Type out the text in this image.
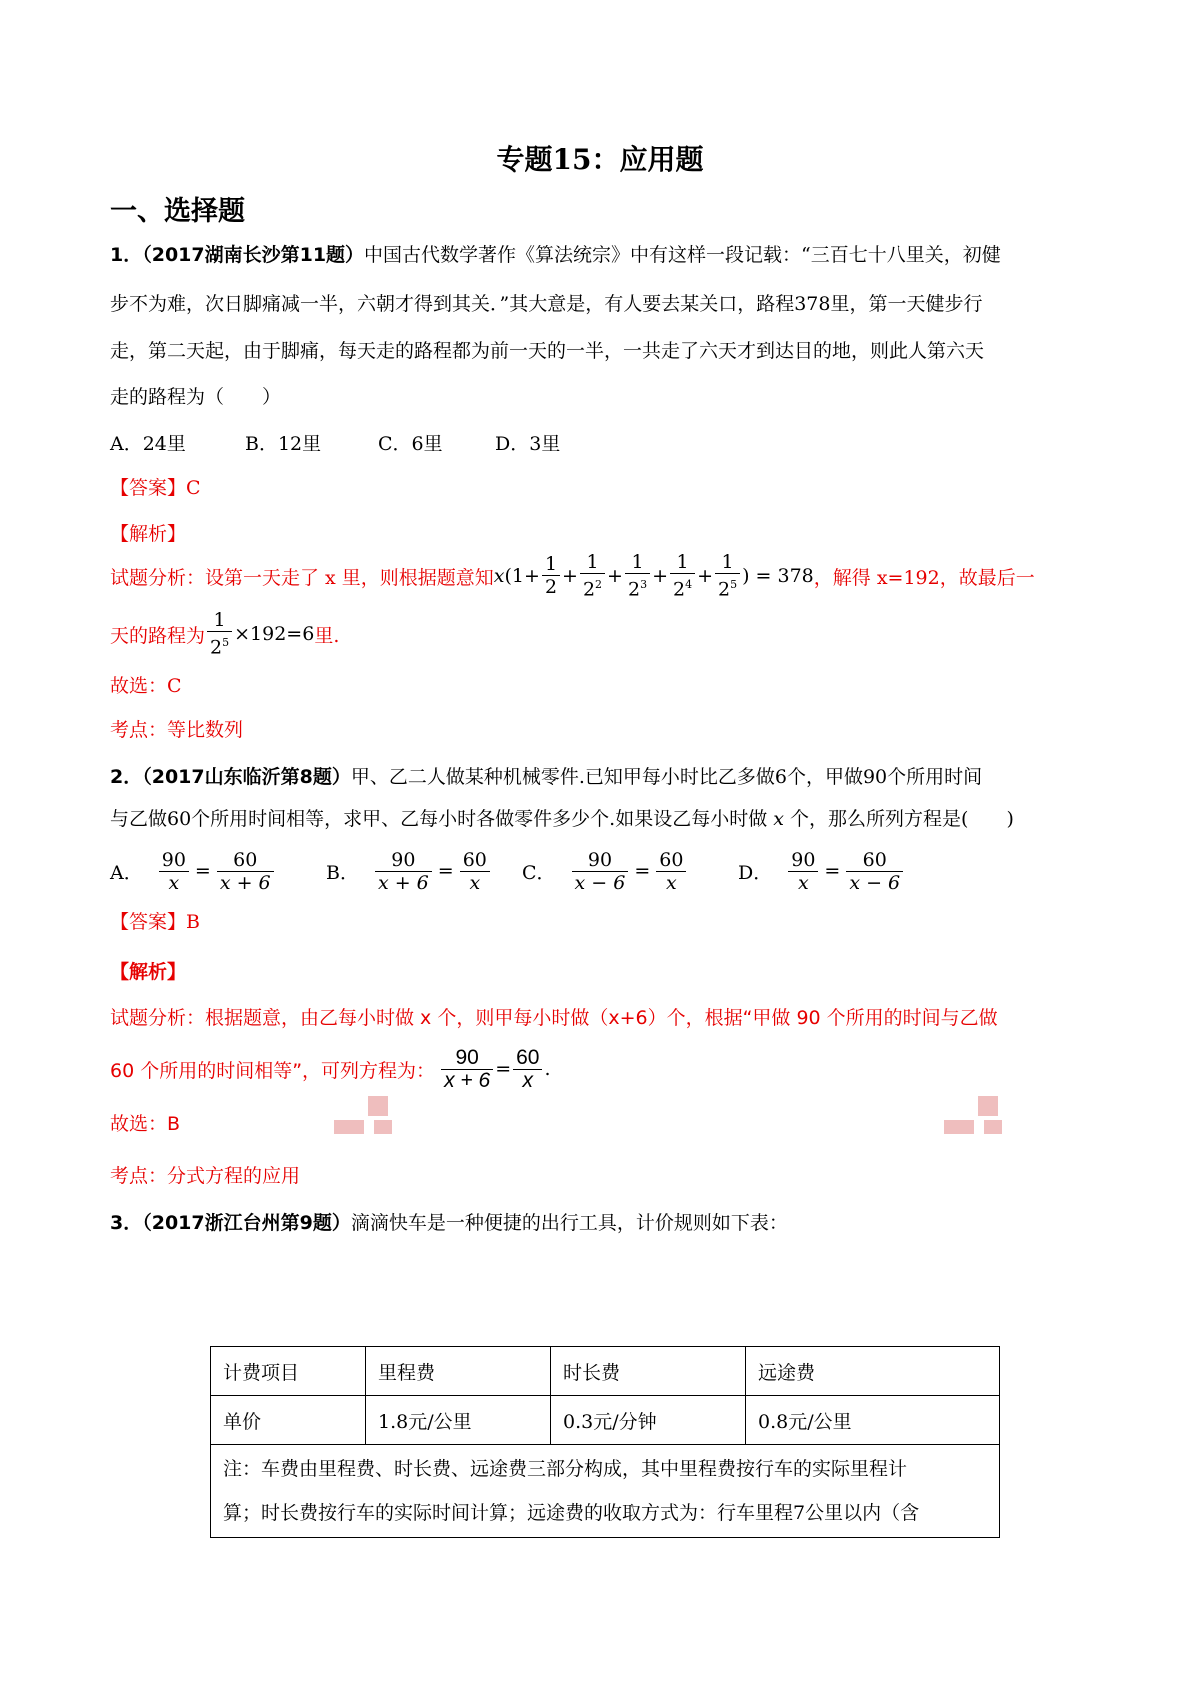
专题15：应用题
一、选择题
1．（2017湖南长沙第11题）中国古代数学著作《算法统宗》中有这样一段记载：“三百七十八里关，初健
步不为难，次日脚痛减一半，六朝才得到其关．”其大意是，有人要去某关口，路程378里，第一天健步行
走，第二天起，由于脚痛，每天走的路程都为前一天的一半，一共走了六天才到达目的地，则此人第六天
走的路程为（　　）
A．24里	B．12里	C．6里	D．3里
【答案】C
【解析】
试题分析：设第一天走了 x 里，则根据题意知 x ($1+ \frac{1}{2} + \frac{1}{2^2} + \frac{1}{2^3} + \frac{1}{2^4} + \frac{1}{2^5}$ ) = 378 ，解得 x=192，故最后一
天的路程为 $\frac{1}{2^5} \times 192=6$ 里.
故选：C
考点：等比数列
2．（2017山东临沂第8题）甲、乙二人做某种机械零件.已知甲每小时比乙多做6个，甲做90个所用时间
与乙做60个所用时间相等，求甲、乙每小时各做零件多少个.如果设乙每小时做 x 个，那么所列方程是(　　)
A． $\frac{90}{x} = \frac{60}{x + 6}$	B． $\frac{90}{x + 6} = \frac{60}{x}$ C． $\frac{90}{x - 6} = \frac{60}{x}$	D． $\frac{90}{x} = \frac{60}{x - 6}$
【答案】B
【解析】
试题分析：根据题意，由乙每小时做 x 个，则甲每小时做（x+6）个，根据“甲做 90 个所用的时间与乙做
60 个所用的时间相等”，可列方程为： $\frac{90}{x + 6} = \frac{60}{x}$ .
故选：B
考点：分式方程的应用
3．（2017浙江台州第9题）滴滴快车是一种便捷的出行工具，计价规则如下表：
计费项目	里程费	时长费	远途费
单价	1.8元/公里	0.3元/分钟	0.8元/公里

注：车费由里程费、时长费、远途费三部分构成，其中里程费按行车的实际里程计
算；时长费按行车的实际时间计算；远途费的收取方式为：行车里程7公里以内（含			
